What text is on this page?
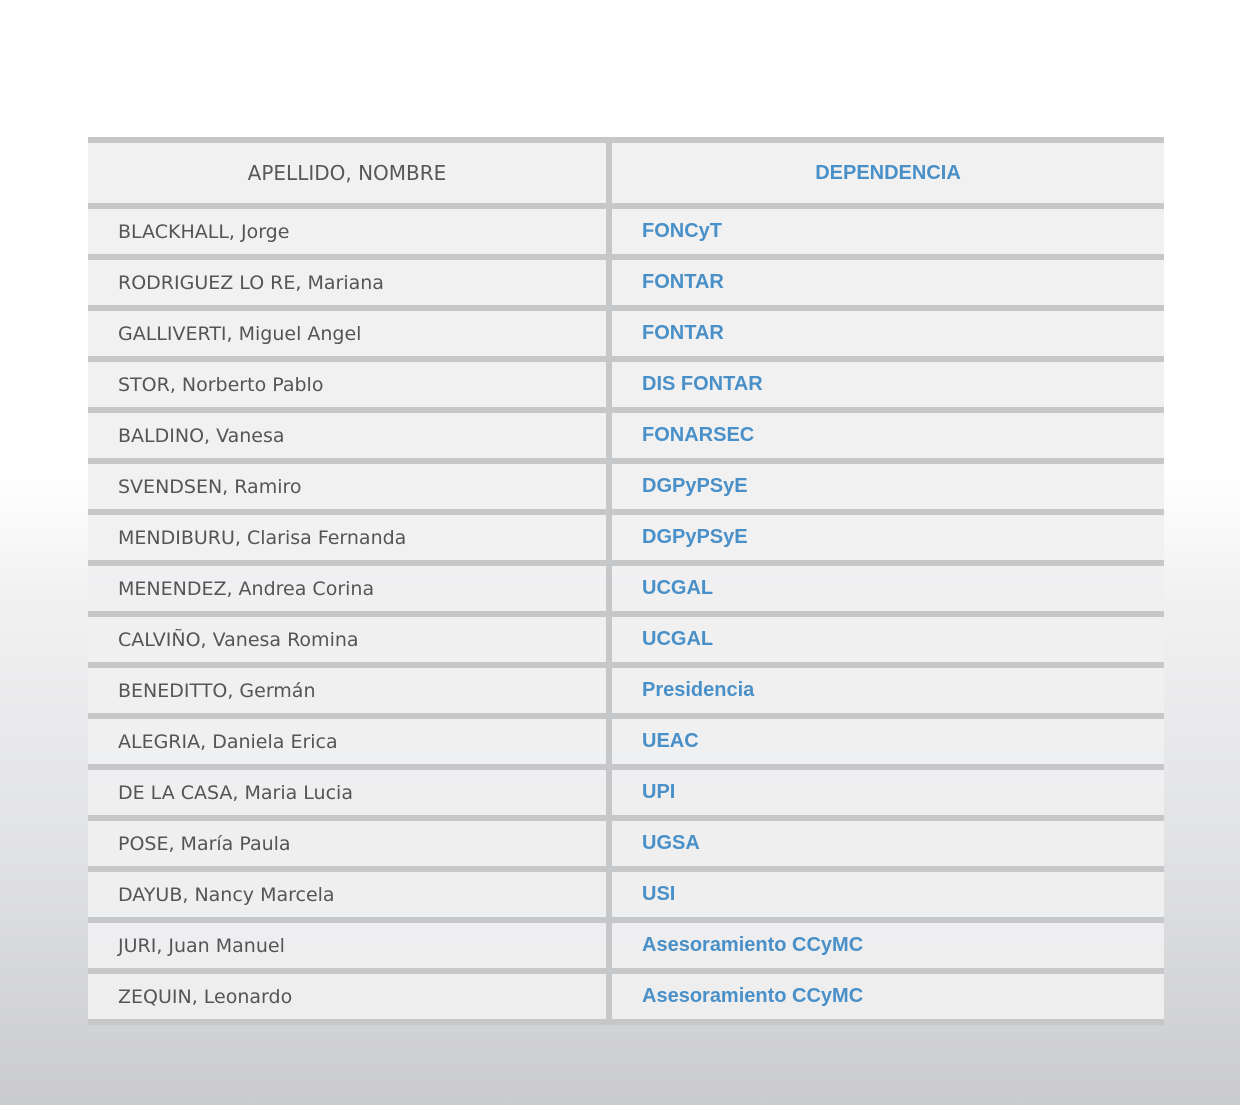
APELLIDO, NOMBRE	DEPENDENCIA
BLACKHALL, Jorge	FONCyT
RODRIGUEZ LO RE, Mariana	FONTAR
GALLIVERTI, Miguel Angel	FONTAR
STOR, Norberto Pablo	DIS FONTAR
BALDINO, Vanesa	FONARSEC
SVENDSEN, Ramiro	DGPyPSyE
MENDIBURU, Clarisa Fernanda	DGPyPSyE
MENENDEZ, Andrea Corina	UCGAL
CALVIÑO, Vanesa Romina	UCGAL
BENEDITTO, Germán	Presidencia
ALEGRIA, Daniela Erica	UEAC
DE LA CASA, Maria Lucia	UPI
POSE, María Paula	UGSA
DAYUB, Nancy Marcela	USI
JURI, Juan Manuel	Asesoramiento CCyMC
ZEQUIN, Leonardo	Asesoramiento CCyMC
